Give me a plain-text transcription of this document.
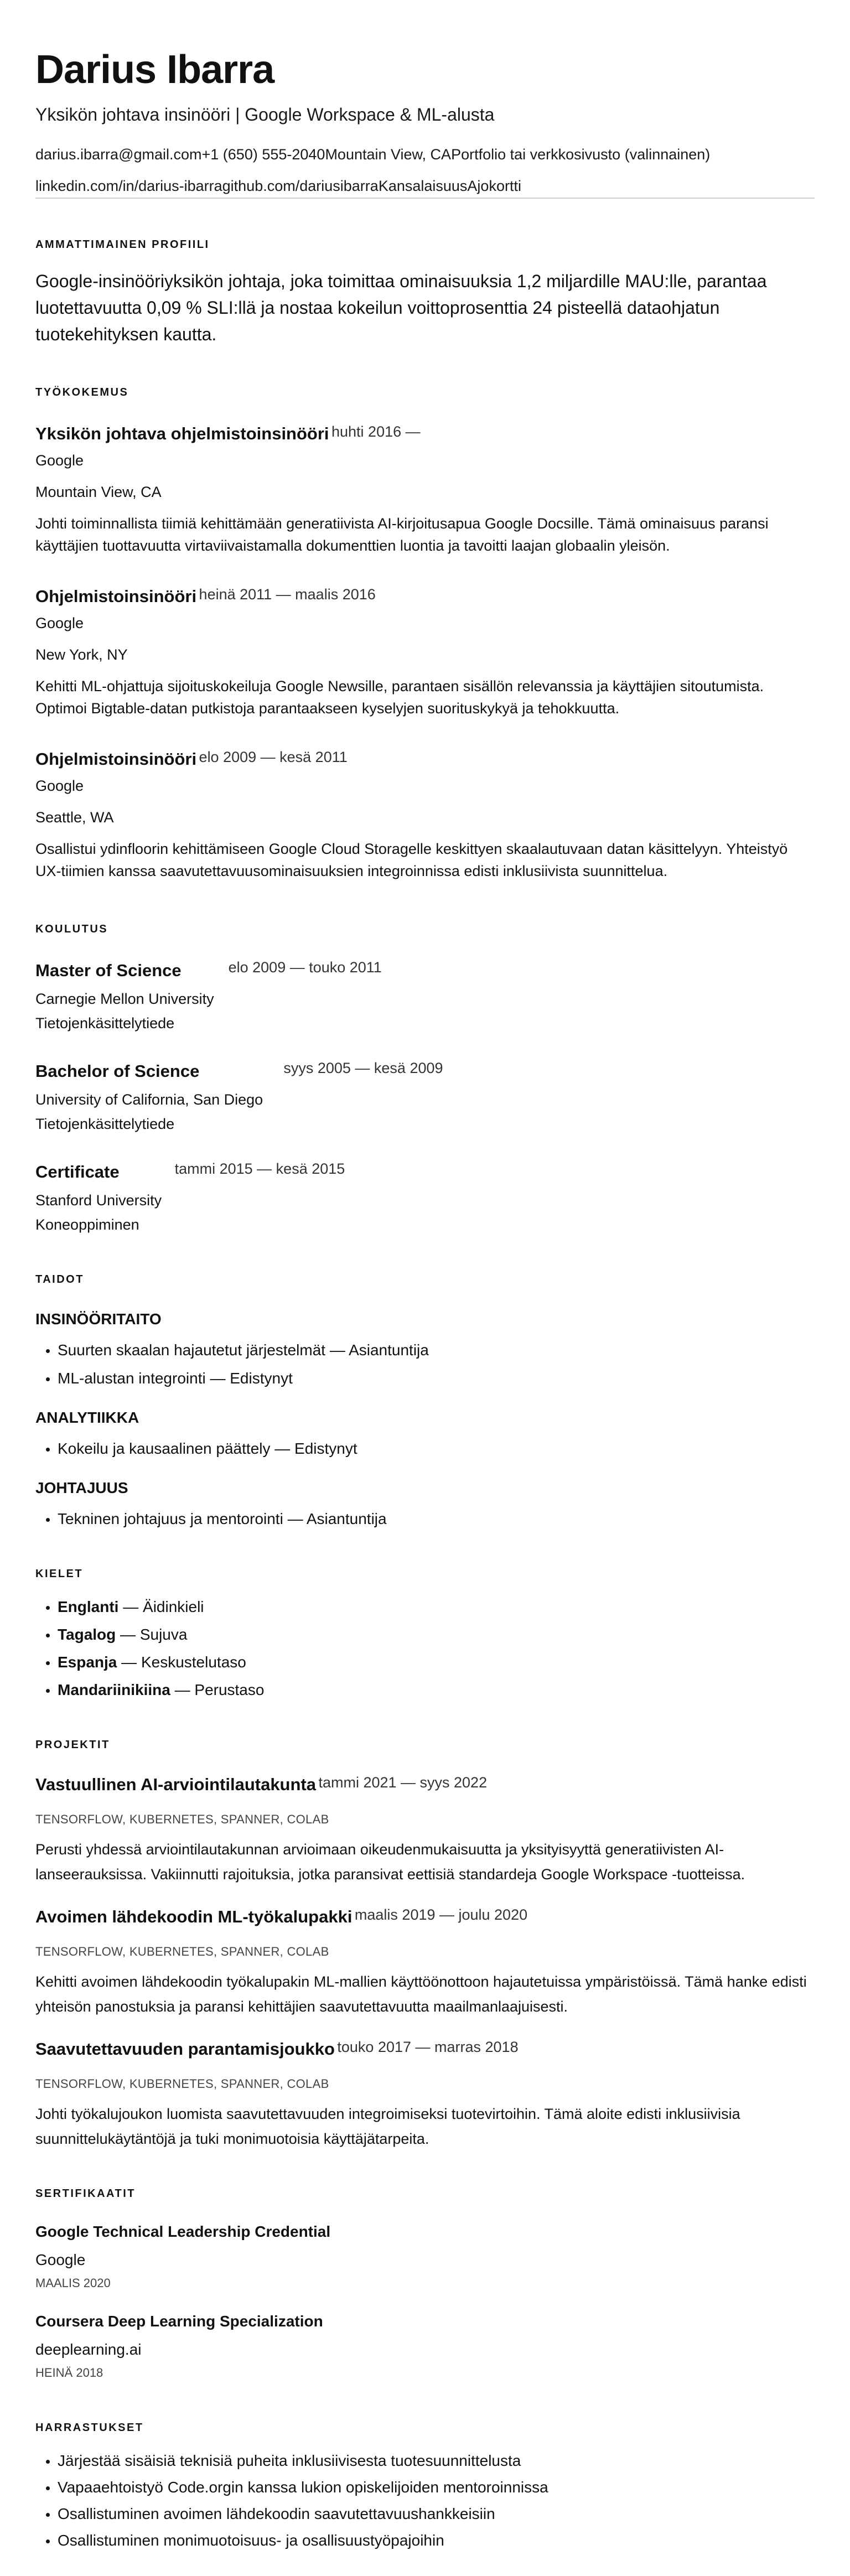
Darius Ibarra
Yksikön johtava insinööri | Google Workspace & ML-alusta
darius.ibarra@gmail.com+1 (650) 555-2040Mountain View, CAPortfolio tai verkkosivusto (valinnainen)
linkedin.com/in/darius-ibarragithub.com/dariusibarraKansalaisuusAjokortti
AMMATTIMAINEN PROFIILI
Google-insinööriyksikön johtaja, joka toimittaa ominaisuuksia 1,2 miljardille MAU:lle, parantaa luotettavuutta 0,09 % SLI:llä ja nostaa kokeilun voittoprosenttia 24 pisteellä dataohjatun tuotekehityksen kautta.
TYÖKOKEMUS
Yksikön johtava ohjelmistoinsinööri huhti 2016 —
Google
Mountain View, CA
Johti toiminnallista tiimiä kehittämään generatiivista AI-kirjoitusapua Google Docsille. Tämä ominaisuus paransi käyttäjien tuottavuutta virtaviivaistamalla dokumenttien luontia ja tavoitti laajan globaalin yleisön.
Ohjelmistoinsinööri heinä 2011 — maalis 2016
Google
New York, NY
Kehitti ML-ohjattuja sijoituskokeiluja Google Newsille, parantaen sisällön relevanssia ja käyttäjien sitoutumista. Optimoi Bigtable-datan putkistoja parantaakseen kyselyjen suorituskykyä ja tehokkuutta.
Ohjelmistoinsinööri elo 2009 — kesä 2011
Google
Seattle, WA
Osallistui ydinfloorin kehittämiseen Google Cloud Storagelle keskittyen skaalautuvaan datan käsittelyyn. Yhteistyö UX-tiimien kanssa saavutettavuusominaisuuksien integroinnissa edisti inklusiivista suunnittelua.
KOULUTUS
Master of Science	elo 2009 — touko 2011
Carnegie Mellon University
Tietojenkäsittelytiede
Bachelor of Science	syys 2005 — kesä 2009
University of California, San Diego
Tietojenkäsittelytiede
Certificate	tammi 2015 — kesä 2015
Stanford University
Koneoppiminen
TAIDOT
INSINÖÖRITAITO
• Suurten skaalan hajautetut järjestelmät — Asiantuntija
• ML-alustan integrointi — Edistynyt
ANALYTIIKKA
• Kokeilu ja kausaalinen päättely — Edistynyt
JOHTAJUUS
• Tekninen johtajuus ja mentorointi — Asiantuntija
KIELET
• Englanti — Äidinkieli
• Tagalog — Sujuva
• Espanja — Keskustelutaso
• Mandariinikiina — Perustaso
PROJEKTIT
Vastuullinen AI-arviointilautakunta tammi 2021 — syys 2022
TENSORFLOW, KUBERNETES, SPANNER, COLAB
Perusti yhdessä arviointilautakunnan arvioimaan oikeudenmukaisuutta ja yksityisyyttä generatiivisten AI-lanseerauksissa. Vakiinnutti rajoituksia, jotka paransivat eettisiä standardeja Google Workspace -tuotteissa.
Avoimen lähdekoodin ML-työkalupakki maalis 2019 — joulu 2020
TENSORFLOW, KUBERNETES, SPANNER, COLAB
Kehitti avoimen lähdekoodin työkalupakin ML-mallien käyttöönottoon hajautetuissa ympäristöissä. Tämä hanke edisti yhteisön panostuksia ja paransi kehittäjien saavutettavuutta maailmanlaajuisesti.
Saavutettavuuden parantamisjoukko touko 2017 — marras 2018
TENSORFLOW, KUBERNETES, SPANNER, COLAB
Johti työkalujoukon luomista saavutettavuuden integroimiseksi tuotevirtoihin. Tämä aloite edisti inklusiivisia suunnittelukäytäntöjä ja tuki monimuotoisia käyttäjätarpeita.
SERTIFIKAATIT
Google Technical Leadership Credential
Google
MAALIS 2020
Coursera Deep Learning Specialization
deeplearning.ai
HEINÄ 2018
HARRASTUKSET
• Järjestää sisäisiä teknisiä puheita inklusiivisesta tuotesuunnittelusta
• Vapaaehtoistyö Code.orgin kanssa lukion opiskelijoiden mentoroinnissa
• Osallistuminen avoimen lähdekoodin saavutettavuushankkeisiin
• Osallistuminen monimuotoisuus- ja osallisuustyöpajoihin
